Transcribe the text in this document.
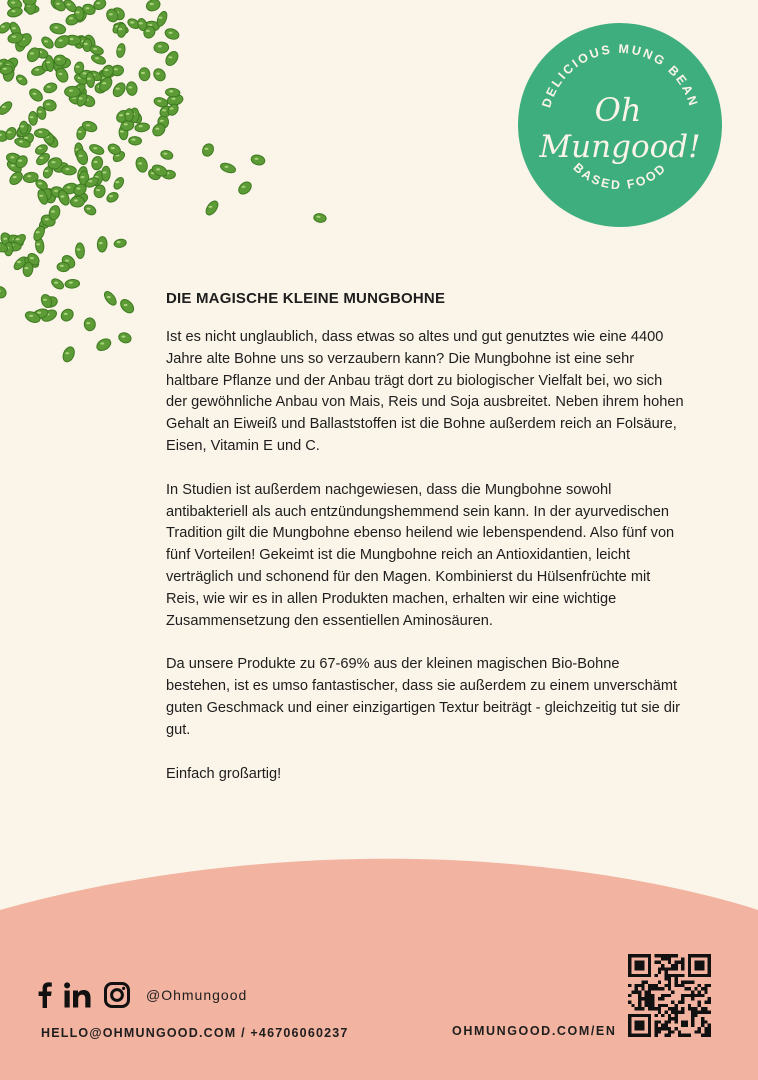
DELICIOUS MUNG BEAN
BASED FOOD
Oh
Mungood!
DIE MAGISCHE KLEINE MUNGBOHNE

Ist es nicht unglaublich, dass etwas so altes und gut genutztes wie eine 4400 Jahre alte Bohne uns so verzaubern kann? Die Mungbohne ist eine sehr haltbare Pflanze und der Anbau trägt dort zu biologischer Vielfalt bei, wo sich der gewöhnliche Anbau von Mais, Reis und Soja ausbreitet. Neben ihrem hohen Gehalt an Eiweiß und Ballaststoffen ist die Bohne außerdem reich an Folsäure, Eisen, Vitamin E und C.

In Studien ist außerdem nachgewiesen, dass die Mungbohne sowohl antibakteriell als auch entzündungshemmend sein kann. In der ayurvedischen Tradition gilt die Mungbohne ebenso heilend wie lebenspendend. Also fünf von fünf Vorteilen! Gekeimt ist die Mungbohne reich an Antioxidantien, leicht verträglich und schonend für den Magen. Kombinierst du Hülsenfrüchte mit Reis, wie wir es in allen Produkten machen, erhalten wir eine wichtige Zusammensetzung den essentiellen Aminosäuren.

Da unsere Produkte zu 67-69% aus der kleinen magischen Bio-Bohne bestehen, ist es umso fantastischer, dass sie außerdem zu einem unverschämt guten Geschmack und einer einzigartigen Textur beiträgt - gleichzeitig tut sie dir gut.

Einfach großartig!

@Ohmungood
HELLO@OHMUNGOOD.COM / +46706060237	OHMUNGOOD.COM/EN
